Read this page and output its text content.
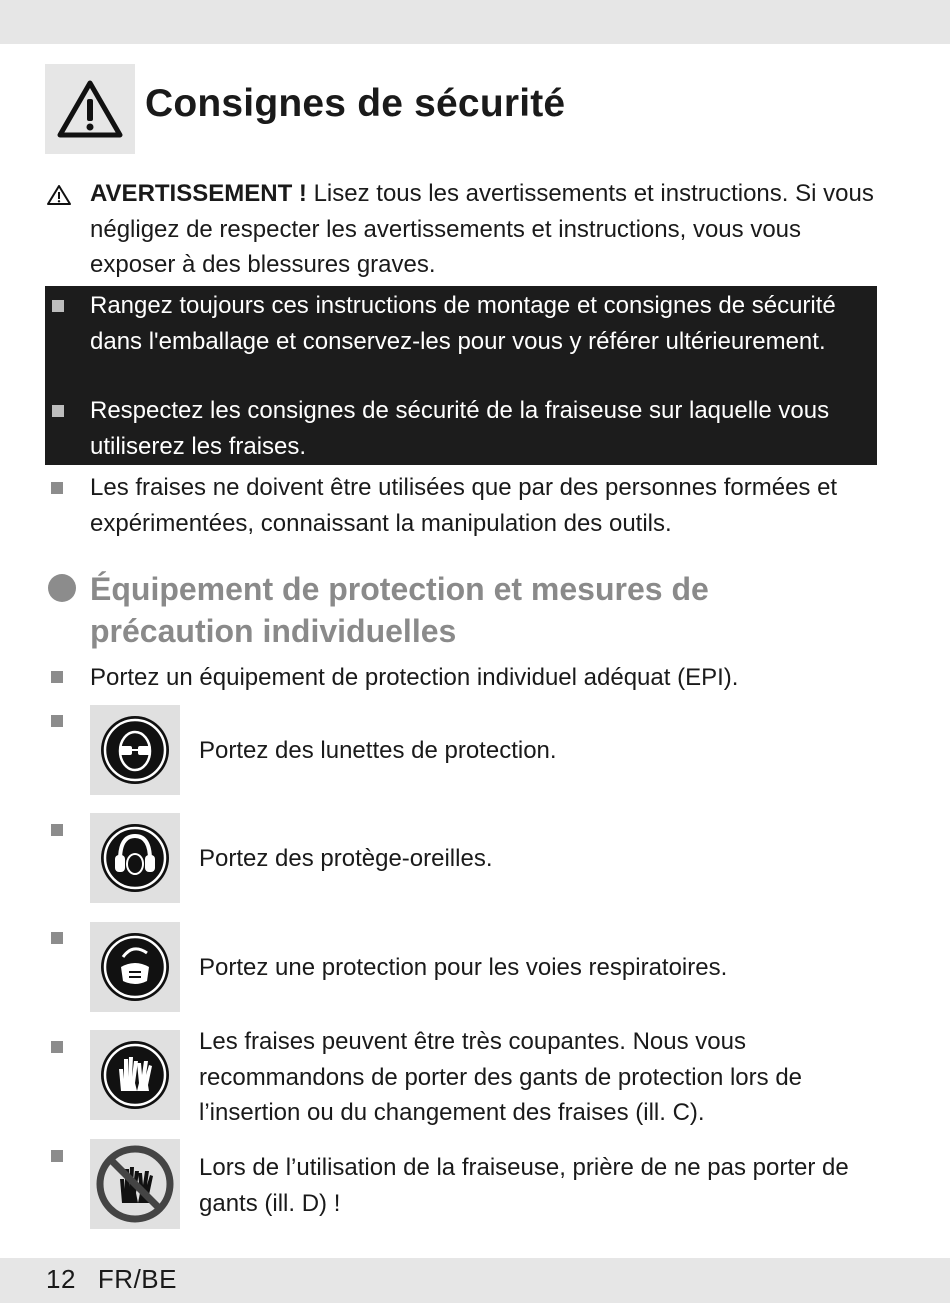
Consignes de sécurité
AVERTISSEMENT ! Lisez tous les avertissements et instructions. Si vous négligez de respecter les avertissements et instructions, vous vous exposer à des blessures graves.
Rangez toujours ces instructions de montage et consignes de sécurité dans l'emballage et conservez-les pour vous y référer ultérieurement.
Respectez les consignes de sécurité de la fraiseuse sur laquelle vous utiliserez les fraises.
Les fraises ne doivent être utilisées que par des personnes formées et expérimentées, connaissant la manipulation des outils.
Équipement de protection et mesures de précaution individuelles
Portez un équipement de protection individuel adéquat (EPI).
Portez des lunettes de protection.
Portez des protège-oreilles.
Portez une protection pour les voies respiratoires.
Les fraises peuvent être très coupantes. Nous vous recommandons de porter des gants de protection lors de l’insertion ou du changement des fraises (ill. C).
Lors de l’utilisation de la fraiseuse, prière de ne pas porter de gants (ill. D) !
12 FR/BE
